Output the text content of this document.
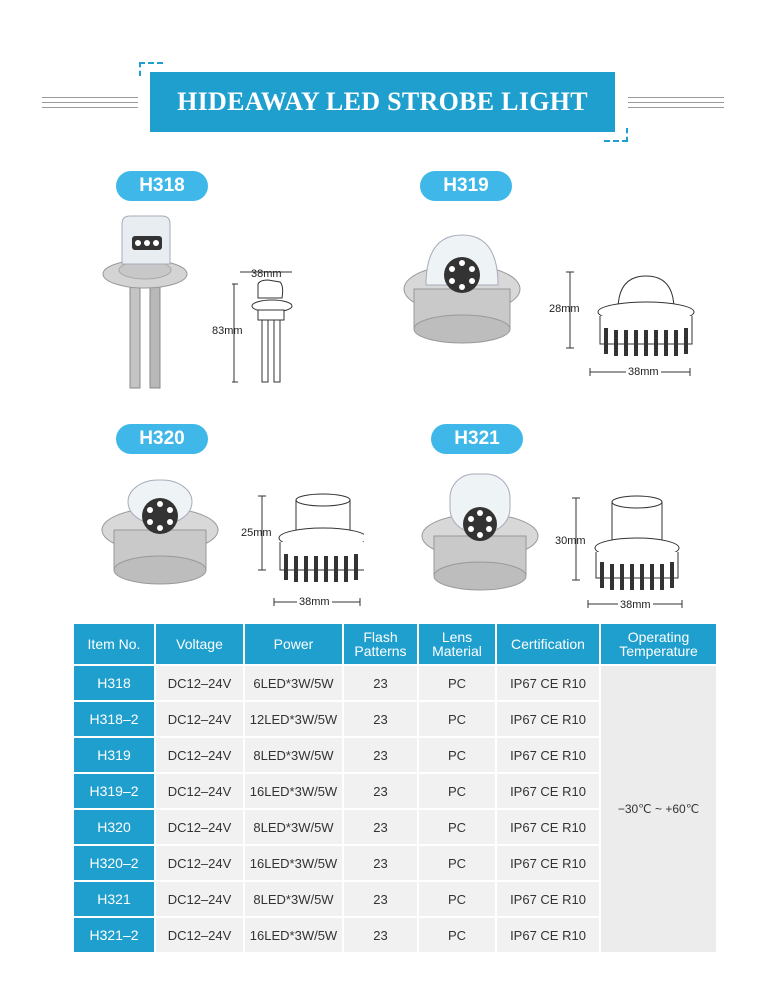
HIDEAWAY LED STROBE LIGHT
H318
38mm
83mm
H319
28mm
38mm
H320
25mm
38mm
H321
30mm
38mm
Item No.	Voltage	Power	Flash Patterns	Lens Material	Certification	Operating Temperature
H318	DC12–24V	6LED*3W/5W	23	PC	IP67 CE R10	−30℃ ~ +60℃
H318–2	DC12–24V	12LED*3W/5W	23	PC	IP67 CE R10	
H319	DC12–24V	8LED*3W/5W	23	PC	IP67 CE R10	
H319–2	DC12–24V	16LED*3W/5W	23	PC	IP67 CE R10	
H320	DC12–24V	8LED*3W/5W	23	PC	IP67 CE R10	
H320–2	DC12–24V	16LED*3W/5W	23	PC	IP67 CE R10	
H321	DC12–24V	8LED*3W/5W	23	PC	IP67 CE R10	
H321–2	DC12–24V	16LED*3W/5W	23	PC	IP67 CE R10	
